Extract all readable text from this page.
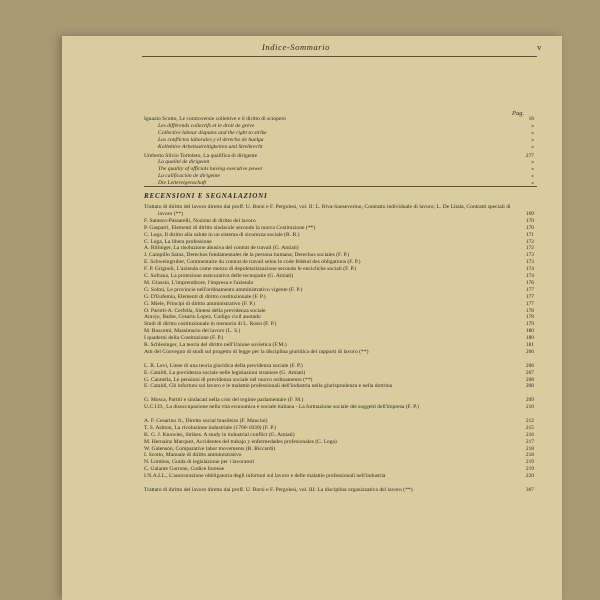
Indice-Sommario	v
Pag.
Ignazio Scotto, Le controversie collettive e il diritto di sciopero	16
Les différends collectifs et le droit de grève	»
Collective labour disputes and the right to strike	»
Los conflictos laborales y el derecho de huelga	»
Kollektive Arbeitsstreitigkeiten und Streikrecht	»
Umberto Silvio Tortoleto, La qualifica di dirigente	277
La qualité de dirigeant	»
The quality of officials having executive power	»
La calificación de dirigente	»
Die Leitereigenschaft	»
RECENSIONI E SEGNALAZIONI
Trattato di diritto del lavoro diretto dai proff. U. Borsi e F. Pergolesi, vol. II: L. Riva-Sanseverino, Contratto individuale di lavoro; L. De Litala, Contratti speciali di lavoro (**)	169
F. Santoro-Passarelli, Nozioni di diritto del lavoro	170
P. Gasparri, Elementi di diritto sindacale secondo la nuova Costituzione (**)	170
C. Lega, Il diritto alla salute in un sistema di sicurezza sociale (R. R.)	171
C. Lega, La libera professione	172
A. Rillinger, La risoluzione abusiva del contrat de travail (G. Amiati)	172
J. Campillo Sainz, Derechos fundamentales de la persona humana; Derechos sociales (F. P.)	173
E. Schweingruber, Commentaire du contrat de travail selon le code fédéral des obligations (F. P.)	173
F. P. Grignoli, L'azienda come mezzo di depoletarizzazione secondo le encicliche sociali (F. P.)	174
C. Sofrana, La protezione assicurativa delle tecnopatie (G. Amiati)	174
M. Giussio, L'imprenditore, l'impresa e l'azienda	176
G. Solmi, Le provincie nell'ordinamento amministrativo vigente (F. P.)	177
G. D'Eufemia, Elementi di diritto costituzionale (F. P.)	177
G. Miele, Principi di diritto amministrativo (F. P.)	177
O. Parotti-A. Cerfella, Sintesi della previdenza sociale	178
Aravjo, Barbe, Cesario Lopez, Codigo civil anotado	178
Studi di diritto costituzionale in memoria di L. Rossi (F. P.)	179
M. Buscemi, Massimario del lavoro (L. S.)	180
I quaderni della Costituzione (F. P.)	180
R. Schlesinger, La teoria del diritto nell'Unione sovietica (F.M.)	181
Atti del Convegno di studi sul progetto di legge per la disciplina giuridica dei rapporti di lavoro (**)	206
L. R. Levi, Linee di una teoria giuridica della previdenza sociale (F. P.)	206
E. Cataldi, La previdenza sociale nelle legislazioni straniere (G. Amiati)	207
G. Cannella, Le pensioni di previdenza sociale nel nuovo ordinamento (**)	208
E. Cataldi, Gli infortuni sul lavoro e le malattie professionali dell'industria nella giurisprudenza e nella dottrina	208
G. Mosca, Partiti e sindacati nella crisi del regime parlamentare (F. M.)	209
U.C.I.D., La disoccupazione nella vita economica e sociale italiana - La formazione sociale dei soggetti dell'impresa (F. P.)	210
A. F. Cesarino Jr., Direito social brasileiro (F. Mancini)	212
T. S. Ashton, La rivoluzione industriale (1760-1830) (F. P.)	215
K. G. J. Knowles, Strikes. A study in industrial conflict (G. Amiati)	216
M. Hernainz Marquez, Accidentes del trabajo y enfermedades profesionales (C. Lega)	217
W. Galenson, Comparative labor movements (R. Riccardi)	218
I. Scotto, Manuale di diritto amministrativo	218
N. Lombos, Guida di legislazione per i lavoratori	219
C. Galante Garrone, Codice forense	219
I.N.A.I.L., L'assicurazione obbligatoria degli infortuni sul lavoro e delle malattie professionali nell'industria	220
Trattato di diritto del lavoro diretto dai proff. U. Borsi e F. Pergolesi, vol. III: La disciplina organizzativa del lavoro (**)	307
